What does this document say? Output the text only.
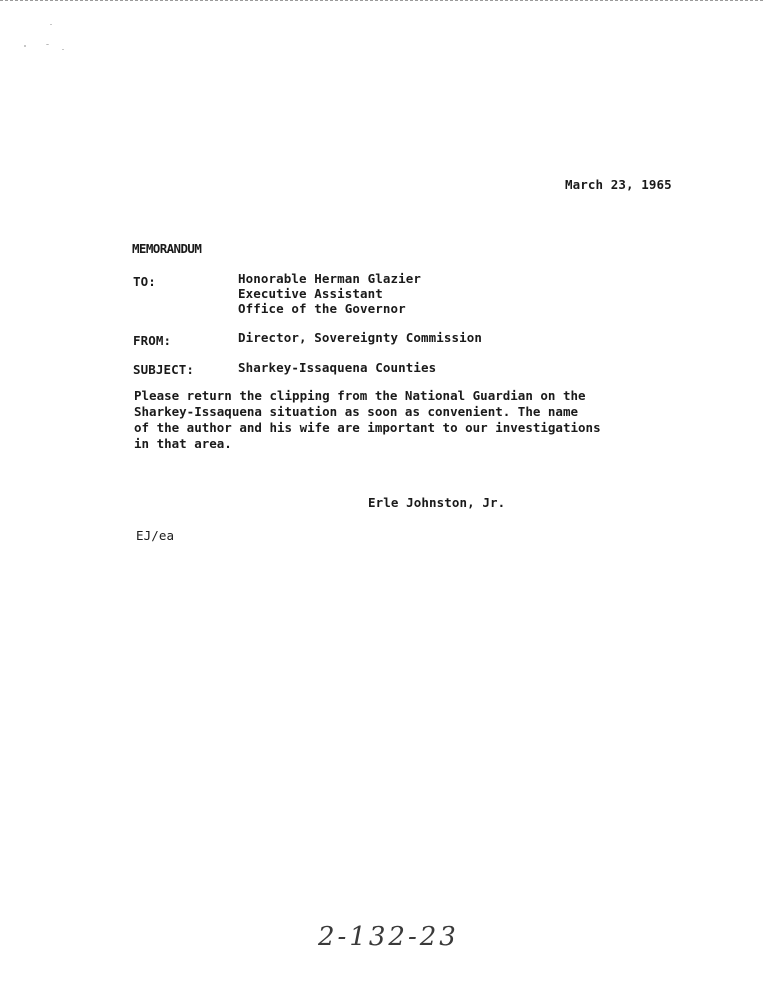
March 23, 1965
MEMORANDUM
TO:	Honorable Herman Glazier
Executive Assistant
Office of the Governor
FROM:	Director, Sovereignty Commission
SUBJECT:	Sharkey-Issaquena Counties
Please return the clipping from the National Guardian on the
Sharkey-Issaquena situation as soon as convenient. The name
of the author and his wife are important to our investigations
in that area.
Erle Johnston, Jr.
EJ/ea
2-132-23
